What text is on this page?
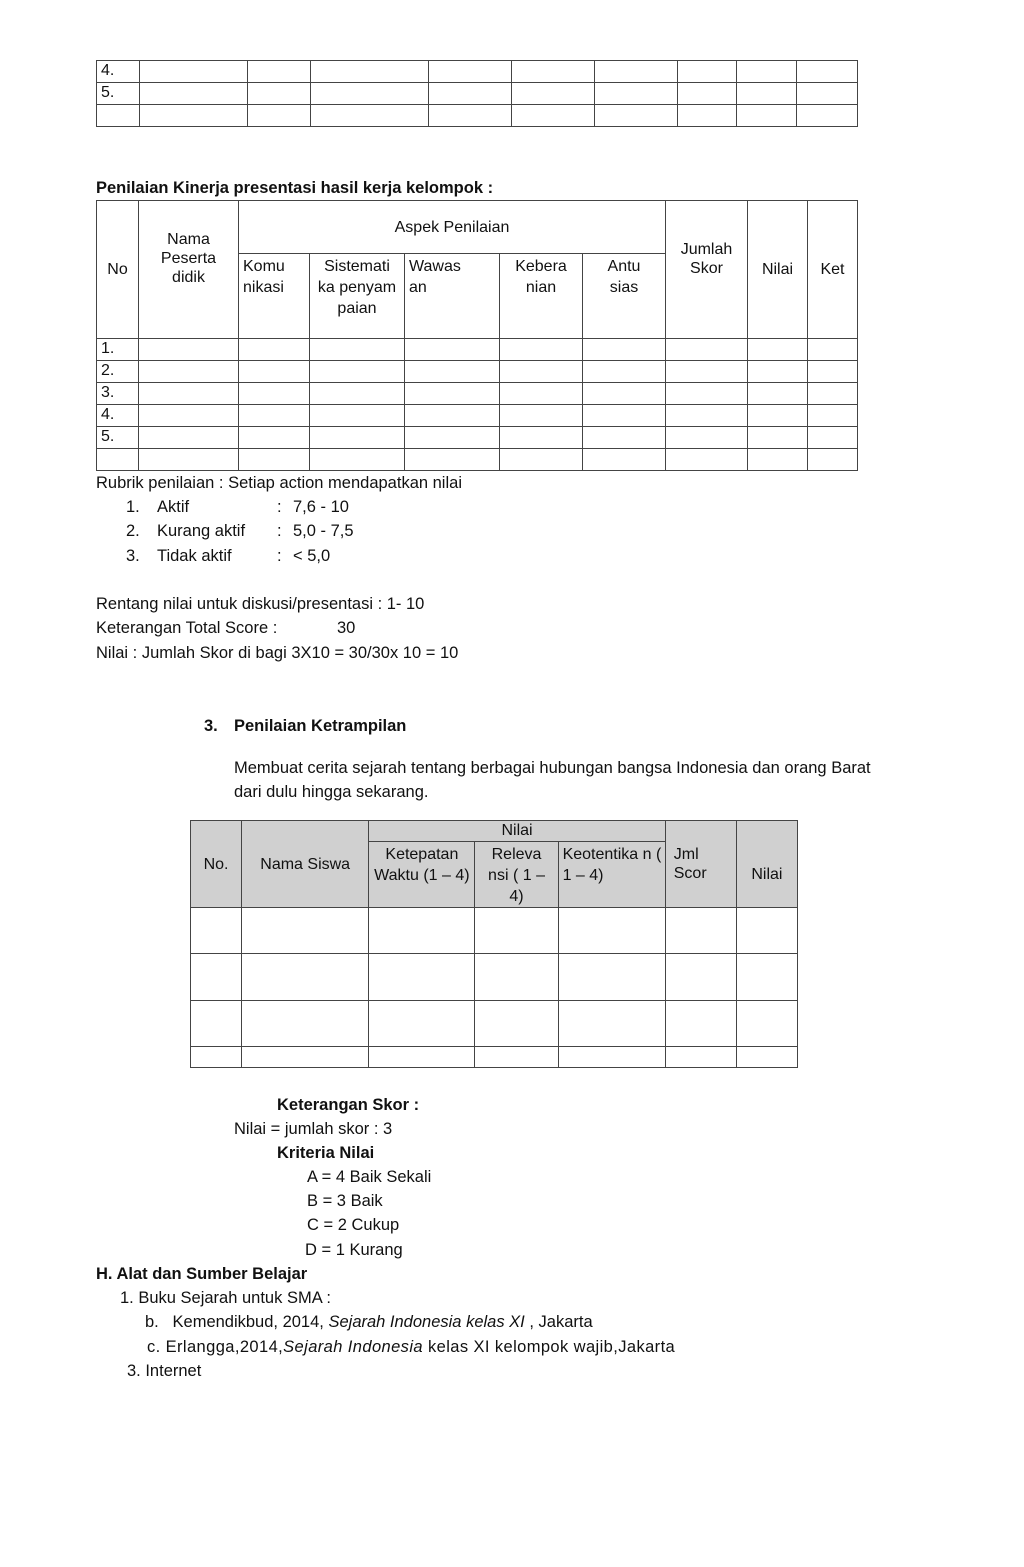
4.									
5.									

Penilaian Kinerja presentasi hasil kerja kelompok :
No	Nama Peserta didik	Aspek Penilaian					Jumlah Skor	Nilai	Ket
		Komu nikasi	Sistemati ka penyam paian	Wawas an	Kebera nian	Antu sias			
1.									
2.									
3.									
4.									
5.									

Rubrik penilaian : Setiap action mendapatkan nilai
1. Aktif	: 7,6 - 10
2. Kurang aktif : 5,0 - 7,5
3. Tidak aktif	: < 5,0
Rentang nilai untuk diskusi/presentasi : 1- 10
Keterangan Total Score :	30
Nilai : Jumlah Skor di bagi 3X10 = 30/30x 10 = 10
3. Penilaian Ketrampilan
Membuat cerita sejarah tentang berbagai hubungan bangsa Indonesia dan orang Barat
dari dulu hingga sekarang.
No.	Nama Siswa	Nilai			Jml Scor	Nilai
		Ketepatan Waktu (1 – 4)	Releva nsi ( 1 – 4)	Keotentika n ( 1 – 4)		

Keterangan Skor :
Nilai = jumlah skor : 3
Kriteria Nilai
A = 4 Baik Sekali
B = 3 Baik
C = 2 Cukup
D = 1 Kurang
H. Alat dan Sumber Belajar
1. Buku Sejarah untuk SMA :
b.   Kemendikbud, 2014, Sejarah Indonesia kelas XI , Jakarta
c. Erlangga,2014,Sejarah Indonesia kelas XI kelompok wajib,Jakarta
3. Internet
